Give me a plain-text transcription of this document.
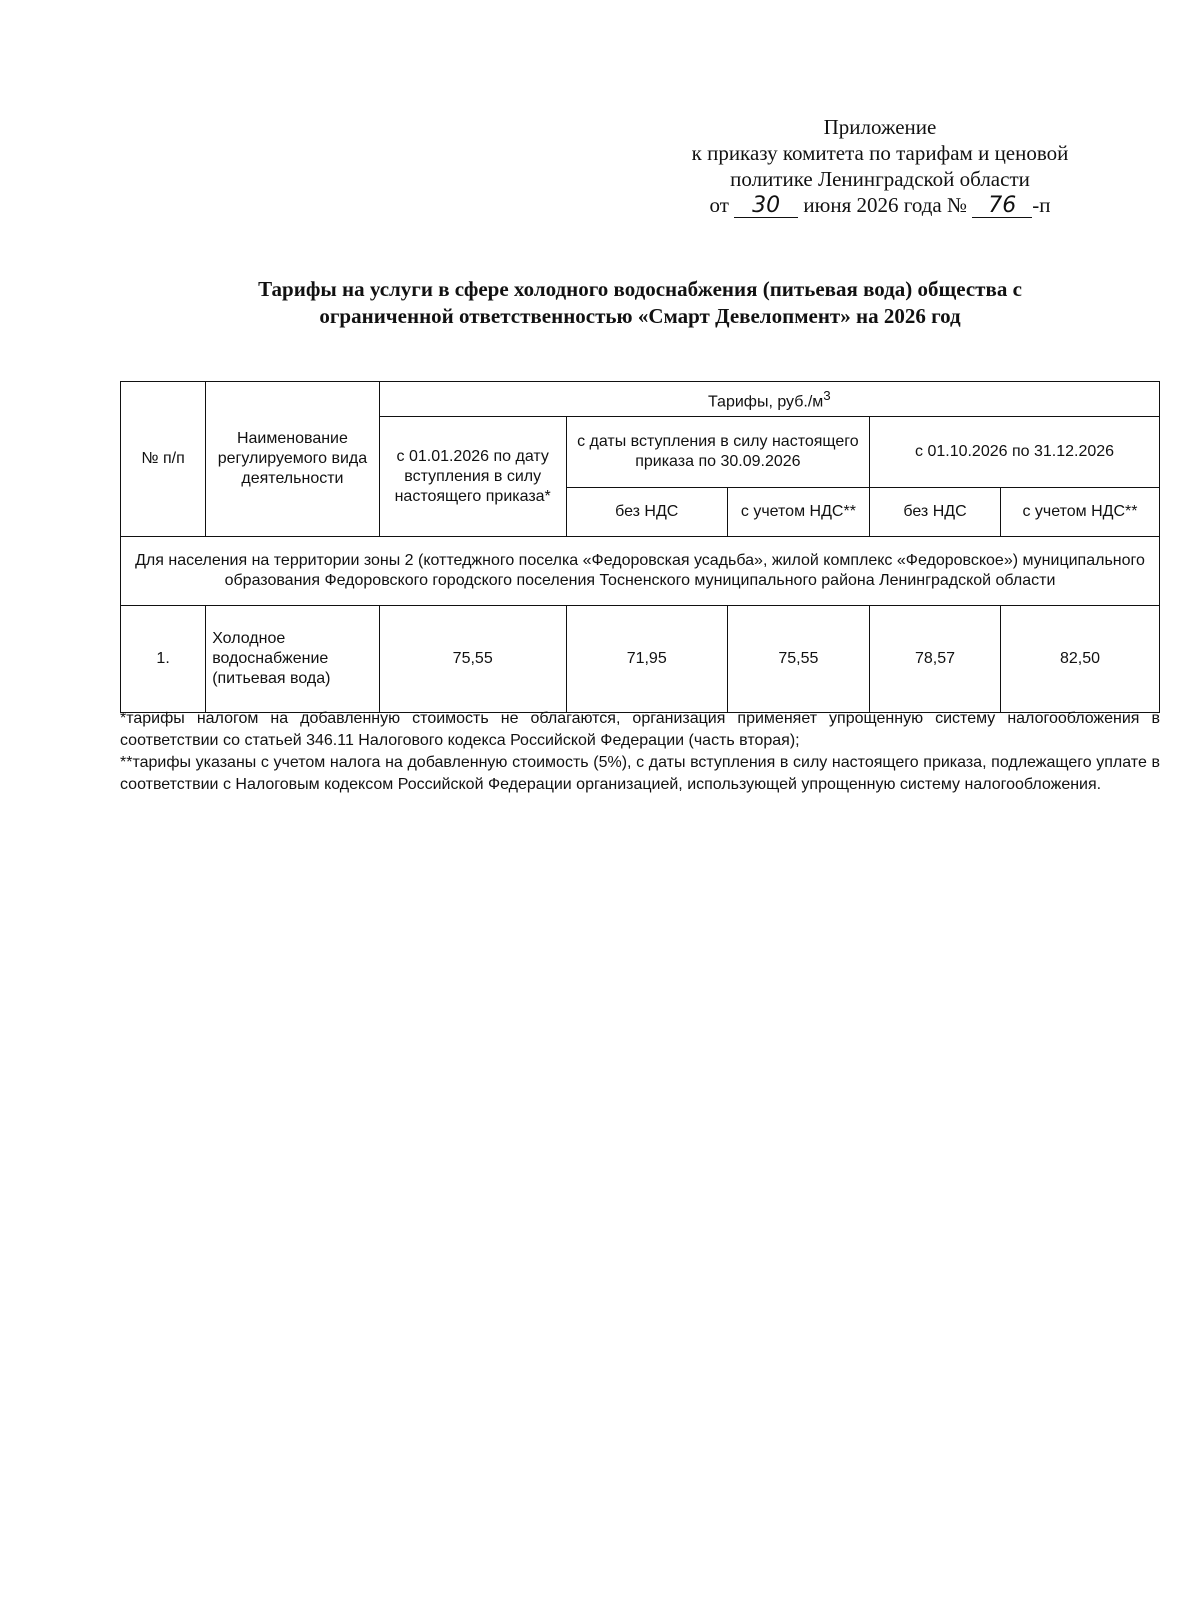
Приложение
к приказу комитета по тарифам и ценовой
политике Ленинградской области
от 30 июня 2026 года № 76 -п
Тарифы на услуги в сфере холодного водоснабжения (питьевая вода) общества с
ограниченной ответственностью «Смарт Девелопмент» на 2026 год
№ п/п	Наименование регулируемого вида деятельности	Тарифы, $руб./м^3$
		с 01.01.2026 по дату вступления в силу настоящего приказа*	с даты вступления в силу настоящего приказа по 30.09.2026		с 01.10.2026 по 31.12.2026	
			без НДС	с учетом НДС**	без НДС	с учетом НДС**
Для населения на территории зоны 2 (коттеджного поселка «Федоровская усадьба», жилой комплекс «Федоровское») муниципального образования Федоровского городского поселения Тосненского муниципального района Ленинградской области						
1.	Холодное водоснабжение (питьевая вода)	75,55	71,95	75,55	78,57	82,50

*тарифы налогом на добавленную стоимость не облагаются, организация применяет упрощенную систему налогообложения в соответствии со статьей 346.11 Налогового кодекса Российской Федерации (часть вторая);

**тарифы указаны с учетом налога на добавленную стоимость (5%), с даты вступления в силу настоящего приказа, подлежащего уплате в соответствии с Налоговым кодексом Российской Федерации организацией, использующей упрощенную систему налогообложения.
